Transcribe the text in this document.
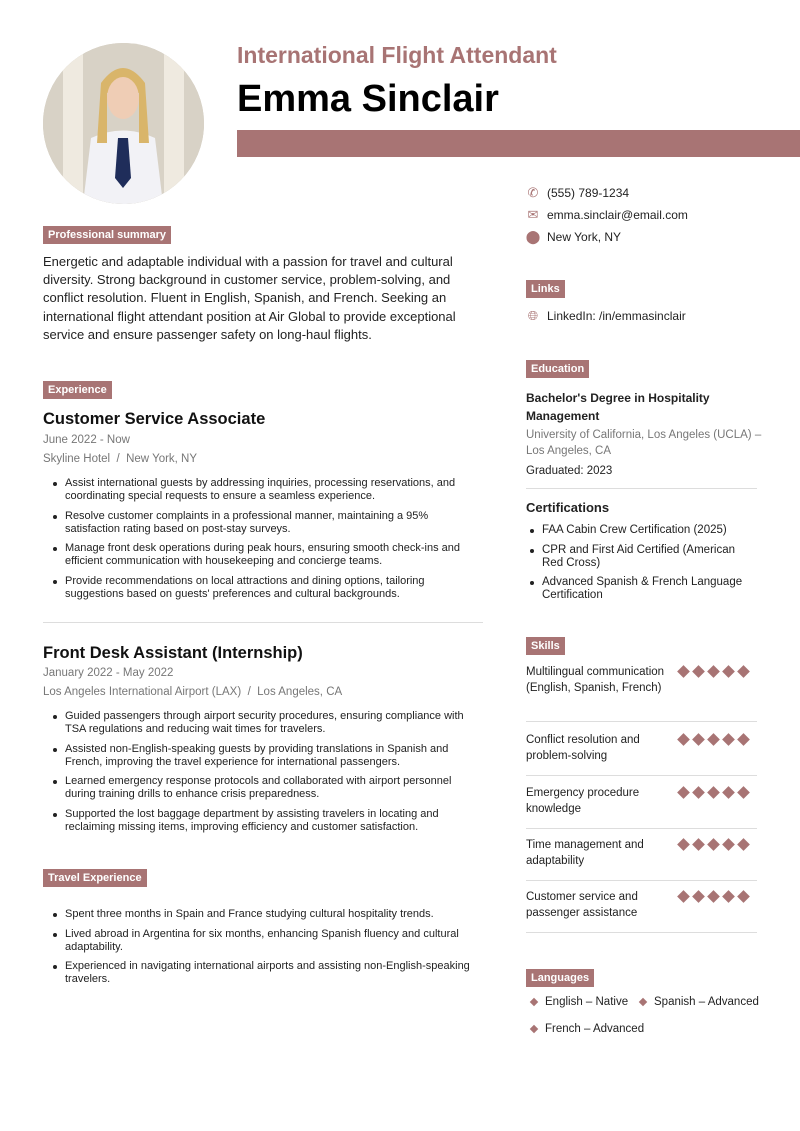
International Flight Attendant
Emma Sinclair
✆ (555) 789-1234
✉ emma.sinclair@email.com
⬤ New York, NY
Professional summary
Energetic and adaptable individual with a passion for travel and cultural diversity. Strong background in customer service, problem-solving, and conflict resolution. Fluent in English, Spanish, and French. Seeking an international flight attendant position at Air Global to provide exceptional service and ensure passenger safety on long-haul flights.
Experience
Customer Service Associate
June 2022 - Now
Skyline Hotel  /  New York, NY
Assist international guests by addressing inquiries, processing reservations, and coordinating special requests to ensure a seamless experience.
Resolve customer complaints in a professional manner, maintaining a 95% satisfaction rating based on post-stay surveys.
Manage front desk operations during peak hours, ensuring smooth check-ins and efficient communication with housekeeping and concierge teams.
Provide recommendations on local attractions and dining options, tailoring suggestions based on guests' preferences and cultural backgrounds.
Front Desk Assistant (Internship)
January 2022 - May 2022
Los Angeles International Airport (LAX)  /  Los Angeles, CA
Guided passengers through airport security procedures, ensuring compliance with TSA regulations and reducing wait times for travelers.
Assisted non-English-speaking guests by providing translations in Spanish and French, improving the travel experience for international passengers.
Learned emergency response protocols and collaborated with airport personnel during training drills to enhance crisis preparedness.
Supported the lost baggage department by assisting travelers in locating and reclaiming missing items, improving efficiency and customer satisfaction.
Travel Experience
Spent three months in Spain and France studying cultural hospitality trends.
Lived abroad in Argentina for six months, enhancing Spanish fluency and cultural adaptability.
Experienced in navigating international airports and assisting non-English-speaking travelers.
Links
🌐︎ LinkedIn: /in/emmasinclair
Education
Bachelor's Degree in Hospitality Management
University of California, Los Angeles (UCLA) – Los Angeles, CA
Graduated: 2023
Certifications
FAA Cabin Crew Certification (2025)
CPR and First Aid Certified (American Red Cross)
Advanced Spanish & French Language Certification
Skills
Multilingual communication (English, Spanish, French)
Conflict resolution and problem-solving
Emergency procedure knowledge
Time management and adaptability
Customer service and passenger assistance
Languages
English – Native Spanish – Advanced
French – Advanced
